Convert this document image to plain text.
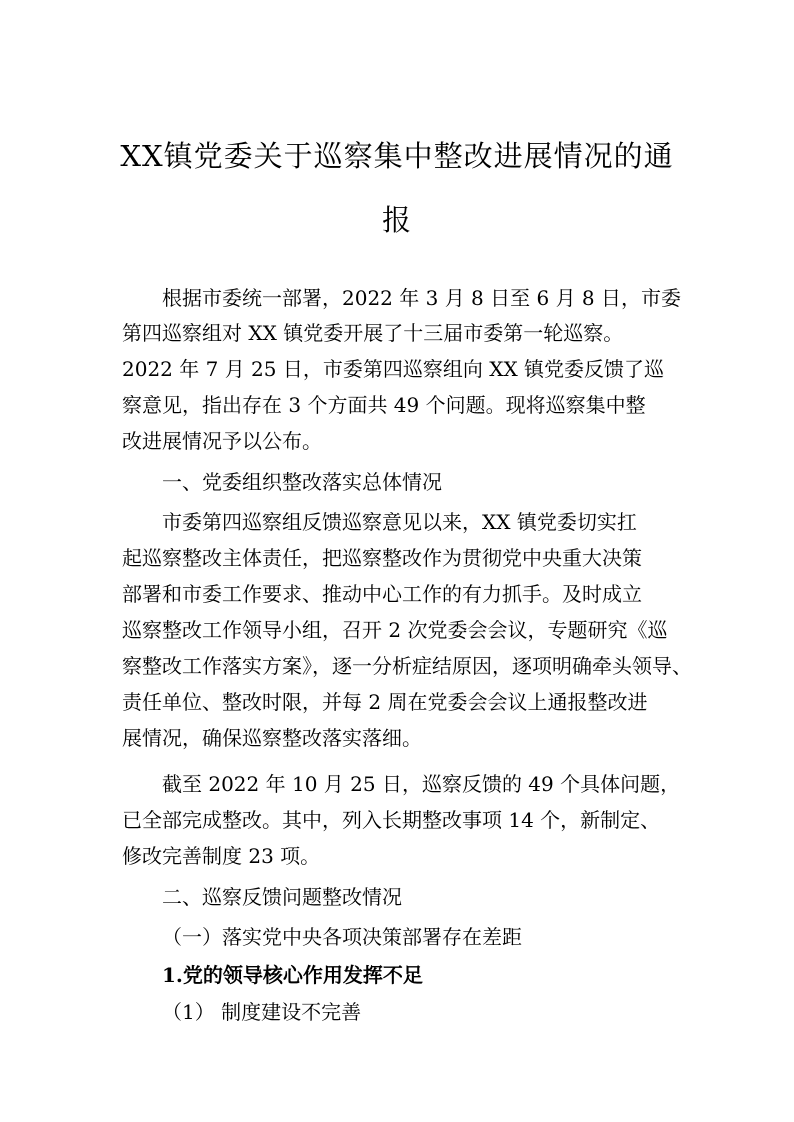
XX镇党委关于巡察集中整改进展情况的通
报
根据市委统一部署，2022 年 3 月 8 日至 6 月 8 日，市委
第四巡察组对 XX 镇党委开展了十三届市委第一轮巡察。
2022 年 7 月 25 日，市委第四巡察组向 XX 镇党委反馈了巡
察意见，指出存在 3 个方面共 49 个问题。现将巡察集中整
改进展情况予以公布。
一、党委组织整改落实总体情况
市委第四巡察组反馈巡察意见以来，XX 镇党委切实扛
起巡察整改主体责任，把巡察整改作为贯彻党中央重大决策
部署和市委工作要求、推动中心工作的有力抓手。及时成立
巡察整改工作领导小组，召开 2 次党委会会议，专题研究《巡
察整改工作落实方案》，逐一分析症结原因，逐项明确牵头领导、
责任单位、整改时限，并每 2 周在党委会会议上通报整改进
展情况，确保巡察整改落实落细。
截至 2022 年 10 月 25 日，巡察反馈的 49 个具体问题，
已全部完成整改。其中，列入长期整改事项 14 个，新制定、
修改完善制度 23 项。
二、巡察反馈问题整改情况
（一）落实党中央各项决策部署存在差距
1.党的领导核心作用发挥不足
（1） 制度建设不完善
